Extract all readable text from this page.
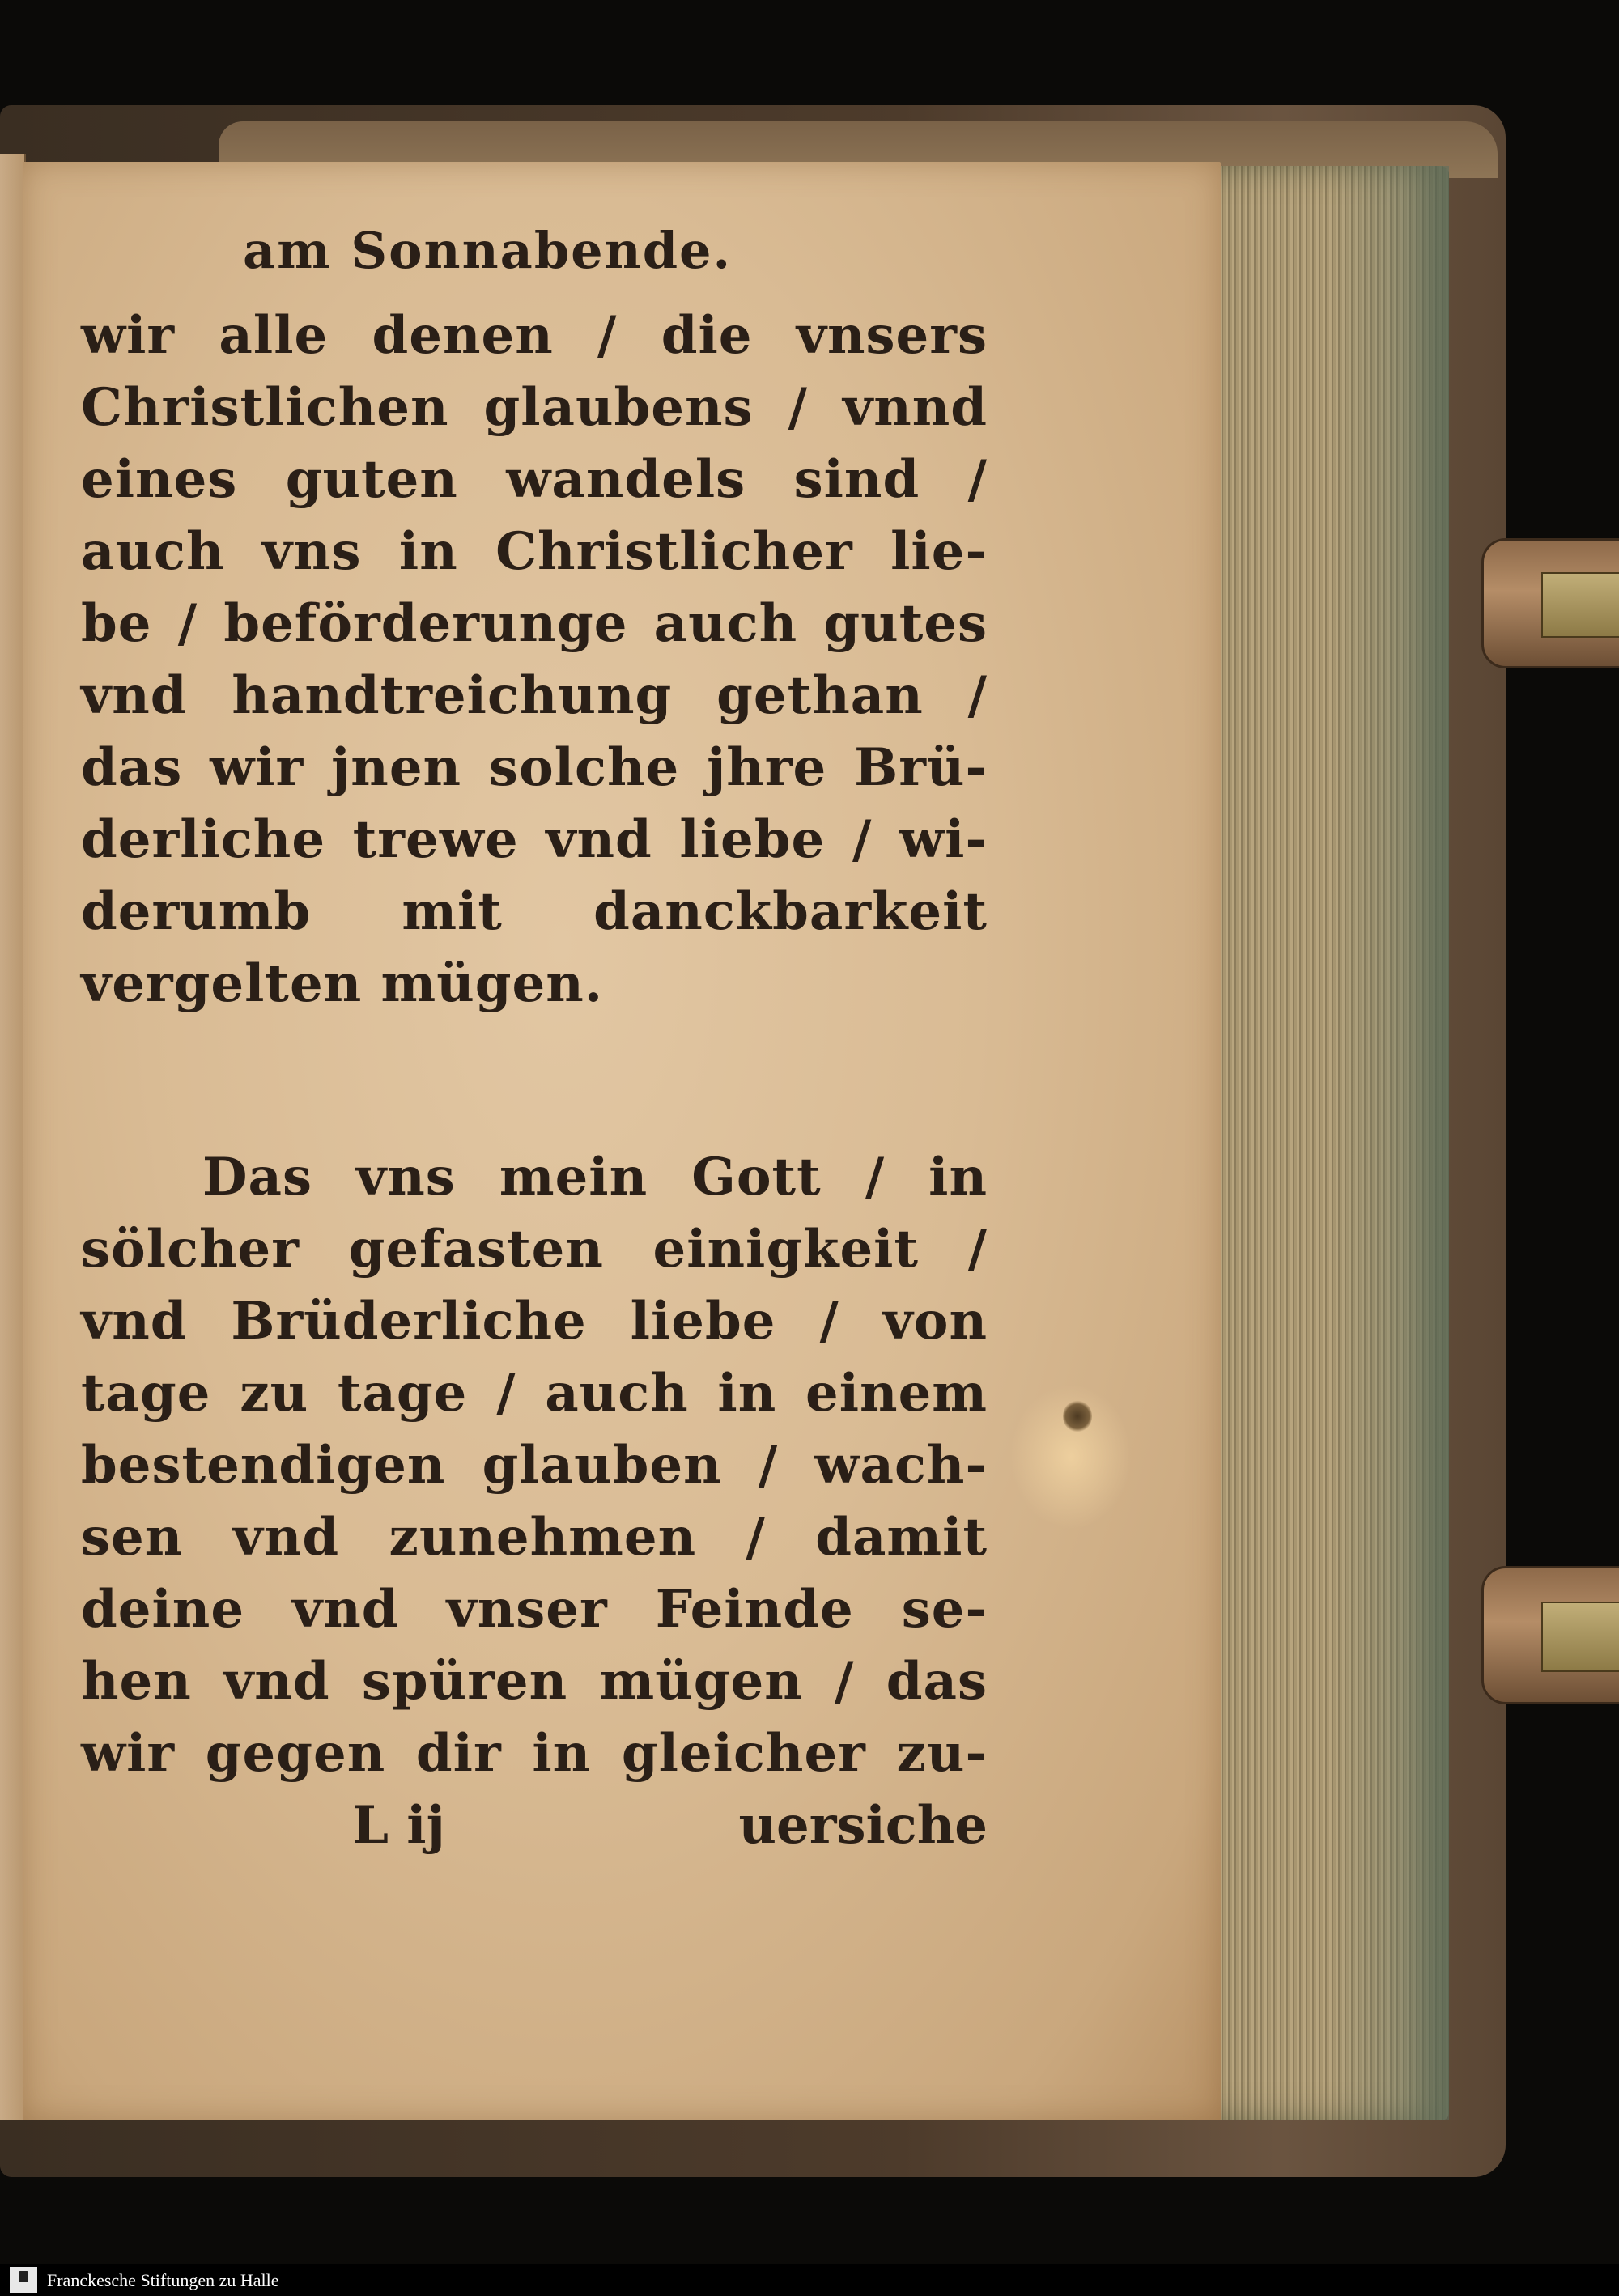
am Sonnabende.
wir alle denen / die vnsers
Christlichen glaubens / vnnd
eines guten wandels sind /
auch vns in Christlicher lie-
be / beförderunge auch gutes
vnd handtreichung gethan /
das wir jnen solche jhre Brü-
derliche trewe vnd liebe / wi-
derumb mit danckbarkeit
vergelten mügen.
Das vns mein Gott / in
sölcher gefasten einigkeit /
vnd Brüderliche liebe / von
tage zu tage / auch in einem
bestendigen glauben / wach-
sen vnd zunehmen / damit
deine vnd vnser Feinde se-
hen vnd spüren mügen / das
wir gegen dir in gleicher zu-
L ij	uersiche
Franckesche Stiftungen zu Halle
